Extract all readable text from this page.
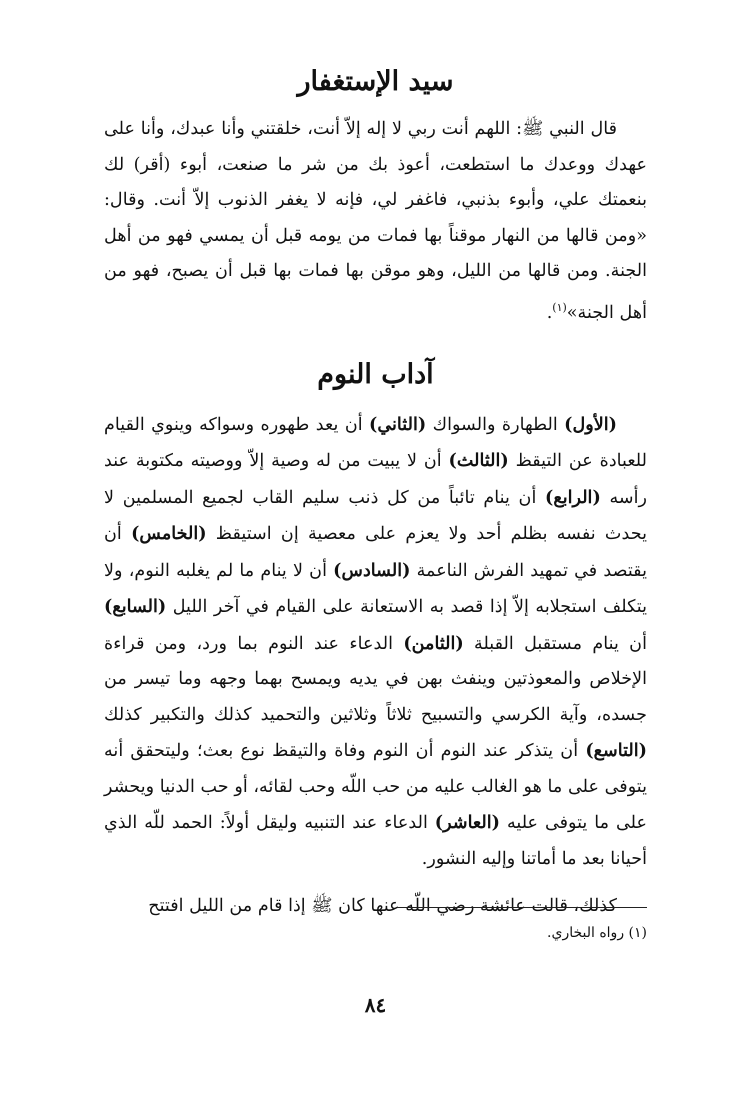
سيد الإستغفار

قال النبي ﷺ: اللهم أنت ربي لا إله إلاّ أنت، خلقتني وأنا عبدك، وأنا على عهدك ووعدك ما استطعت، أعوذ بك من شر ما صنعت، أبوء (أقر) لك بنعمتك علي، وأبوء بذنبي، فاغفر لي، فإنه لا يغفر الذنوب إلاّ أنت. وقال: «ومن قالها من النهار موقناً بها فمات من يومه قبل أن يمسي فهو من أهل الجنة. ومن قالها من الليل، وهو موقن بها فمات بها قبل أن يصبح، فهو من أهل الجنة»$^{(١)}$.

آداب النوم

(الأول) الطهارة والسواك (الثاني) أن يعد طهوره وسواكه وينوي القيام للعبادة عن التيقظ (الثالث) أن لا يبيت من له وصية إلاّ ووصيته مكتوبة عند رأسه (الرابع) أن ينام تائباً من كل ذنب سليم القاب لجميع المسلمين لا يحدث نفسه بظلم أحد ولا يعزم على معصية إن استيقظ (الخامس) أن يقتصد في تمهيد الفرش الناعمة (السادس) أن لا ينام ما لم يغلبه النوم، ولا يتكلف استجلابه إلاّ إذا قصد به الاستعانة على القيام في آخر الليل (السابع) أن ينام مستقبل القبلة (الثامن) الدعاء عند النوم بما ورد، ومن قراءة الإخلاص والمعوذتين وينفث بهن في يديه ويمسح بهما وجهه وما تيسر من جسده، وآية الكرسي والتسبيح ثلاثاً وثلاثين والتحميد كذلك والتكبير كذلك (التاسع) أن يتذكر عند النوم أن النوم وفاة والتيقظ نوع بعث؛ وليتحقق أنه يتوفى على ما هو الغالب عليه من حب اللّه وحب لقائه، أو حب الدنيا ويحشر على ما يتوفى عليه (العاشر) الدعاء عند التنبيه وليقل أولاً: الحمد للّه الذي أحيانا بعد ما أماتنا وإليه النشور.

كذلك، قالت عائشة رضي اللّه عنها كان ﷺ إذا قام من الليل افتتح

(١) رواه البخاري.

٨٤
